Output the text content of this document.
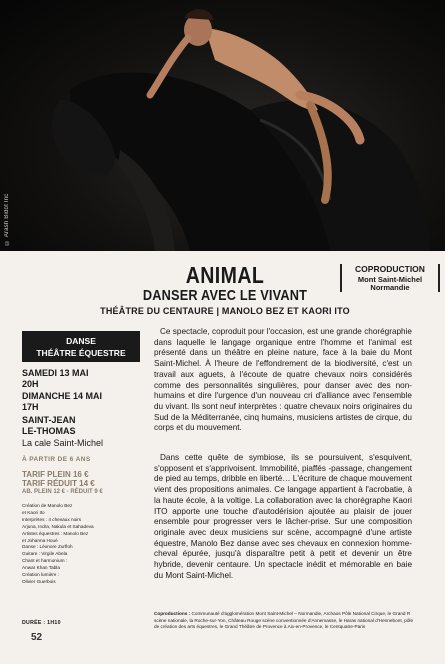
© Arash Bidot Inc
ANIMAL
DANSER AVEC LE VIVANT
THÉÂTRE DU CENTAURE | MANOLO BEZ ET KAORI ITO
COPRODUCTION
Mont Saint-Michel
Normandie
DANSE
THÉÂTRE ÉQUESTRE
SAMEDI 13 MAI
20H
DIMANCHE 14 MAI
17H
SAINT-JEAN
LE-THOMAS
La cale Saint-Michel
À PARTIR DE 6 ANS
TARIF PLEIN 16 €
TARIF RÉDUIT 14 €
AB. PLEIN 12 € - RÉDUIT 9 €
Création de Manolo Bez
et Kaori Ito
Interprètes : 4 chevaux noirs
Arjuna, Indra, Nakula et Sahadeva
Artistes équestres : Manolo Bez
et Johanna Houé
Danse : Léonore Zurflüh
Guitare : Virgile Abela
Chant et harmonium :
Anwar Khan Tabla
Création lumière :
Olivier Guerbois
DURÉE : 1H10

Ce spectacle, coproduit pour l'occasion, est une grande chorégraphie dans laquelle le langage organique entre l'homme et l'animal est présenté dans un théâtre en pleine nature, face à la baie du Mont Saint-Michel. À l'heure de l'effondrement de la biodiversité, c'est un travail aux aguets, à l'écoute de quatre chevaux noirs considérés comme des personnalités singulières, pour danser avec des non-humains et dire l'urgence d'un nouveau cri d'alliance avec l'ensemble du vivant. Ils sont neuf interprètes : quatre chevaux noirs originaires du Sud de la Méditerranée, cinq humains, musiciens artistes de cirque, du corps et du mouvement.

Dans cette quête de symbiose, ils se poursuivent, s'esquivent, s'opposent et s'apprivoisent. Immobilité, piaffés -passage, changement de pied au temps, dribble en liberté… L'écriture de chaque mouvement vient des propositions animales. Ce langage appartient à l'acrobatie, à la haute école, à la voltige. La collaboration avec la chorégraphe Kaori ITO apporte une touche d'autodérision ajoutée au plaisir de jouer ensemble pour progresser vers le lâcher-prise. Sur une composition originale avec deux musiciens sur scène, accompagné d'une artiste équestre, Manolo Bez danse avec ses chevaux en connexion homme-cheval épurée, jusqu'à disparaître petit à petit et devenir un être hybride, devenir centaure. Un spectacle inédit et mémorable en baie du Mont Saint-Michel.

Coproductions : Communauté d'agglomération Mont Saint-Michel – Normandie, Archaos Pôle National Cirque, le Grand R scène nationale, la Roche-sur-Yon, Château Rouge scène conventionnée d'Annemasse, le Haras national d'Hennebont, pôle de création des arts équestres, le Grand Théâtre de Provence à Aix-en-Provence, le Centquatre-Paris
52
